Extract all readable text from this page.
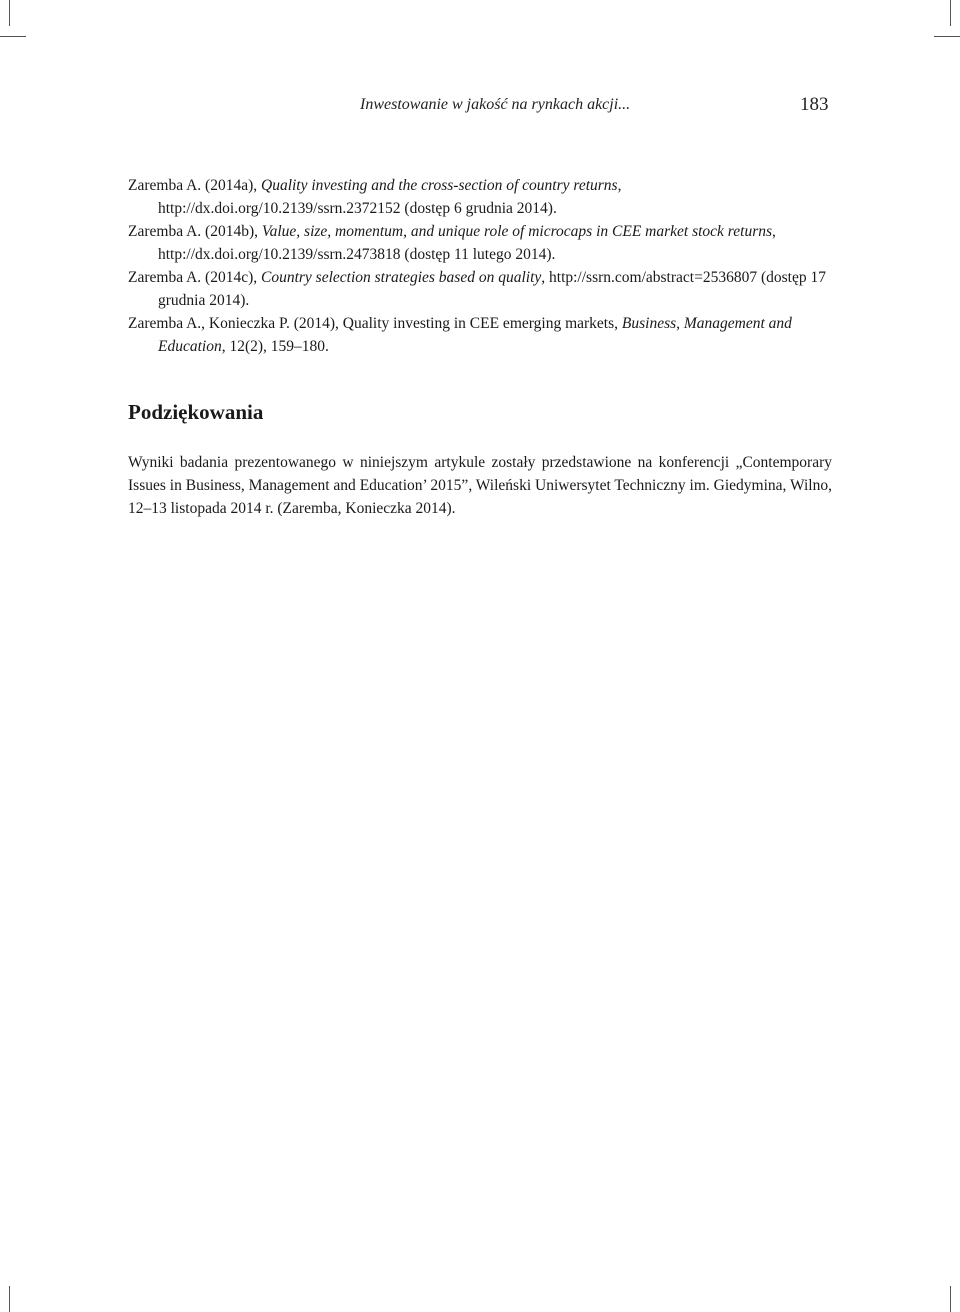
Inwestowanie w jakość na rynkach akcji...	183

Zaremba A. (2014a), Quality investing and the cross-section of country returns, http://dx.doi.org/10.2139/ssrn.2372152 (dostęp 6 grudnia 2014).

Zaremba A. (2014b), Value, size, momentum, and unique role of microcaps in CEE market stock returns, http://dx.doi.org/10.2139/ssrn.2473818 (dostęp 11 lutego 2014).

Zaremba A. (2014c), Country selection strategies based on quality, http://ssrn.com/abstract=2536807 (dostęp 17 grudnia 2014).

Zaremba A., Konieczka P. (2014), Quality investing in CEE emerging markets, Business, Management and Education, 12(2), 159–180.

Podziękowania

Wyniki badania prezentowanego w niniejszym artykule zostały przedstawione na konferencji „Contemporary Issues in Business, Management and Education’ 2015”, Wileński Uniwersytet Techniczny im. Giedymina, Wilno, 12–13 listopada 2014 r. (Zaremba, Konieczka 2014).
